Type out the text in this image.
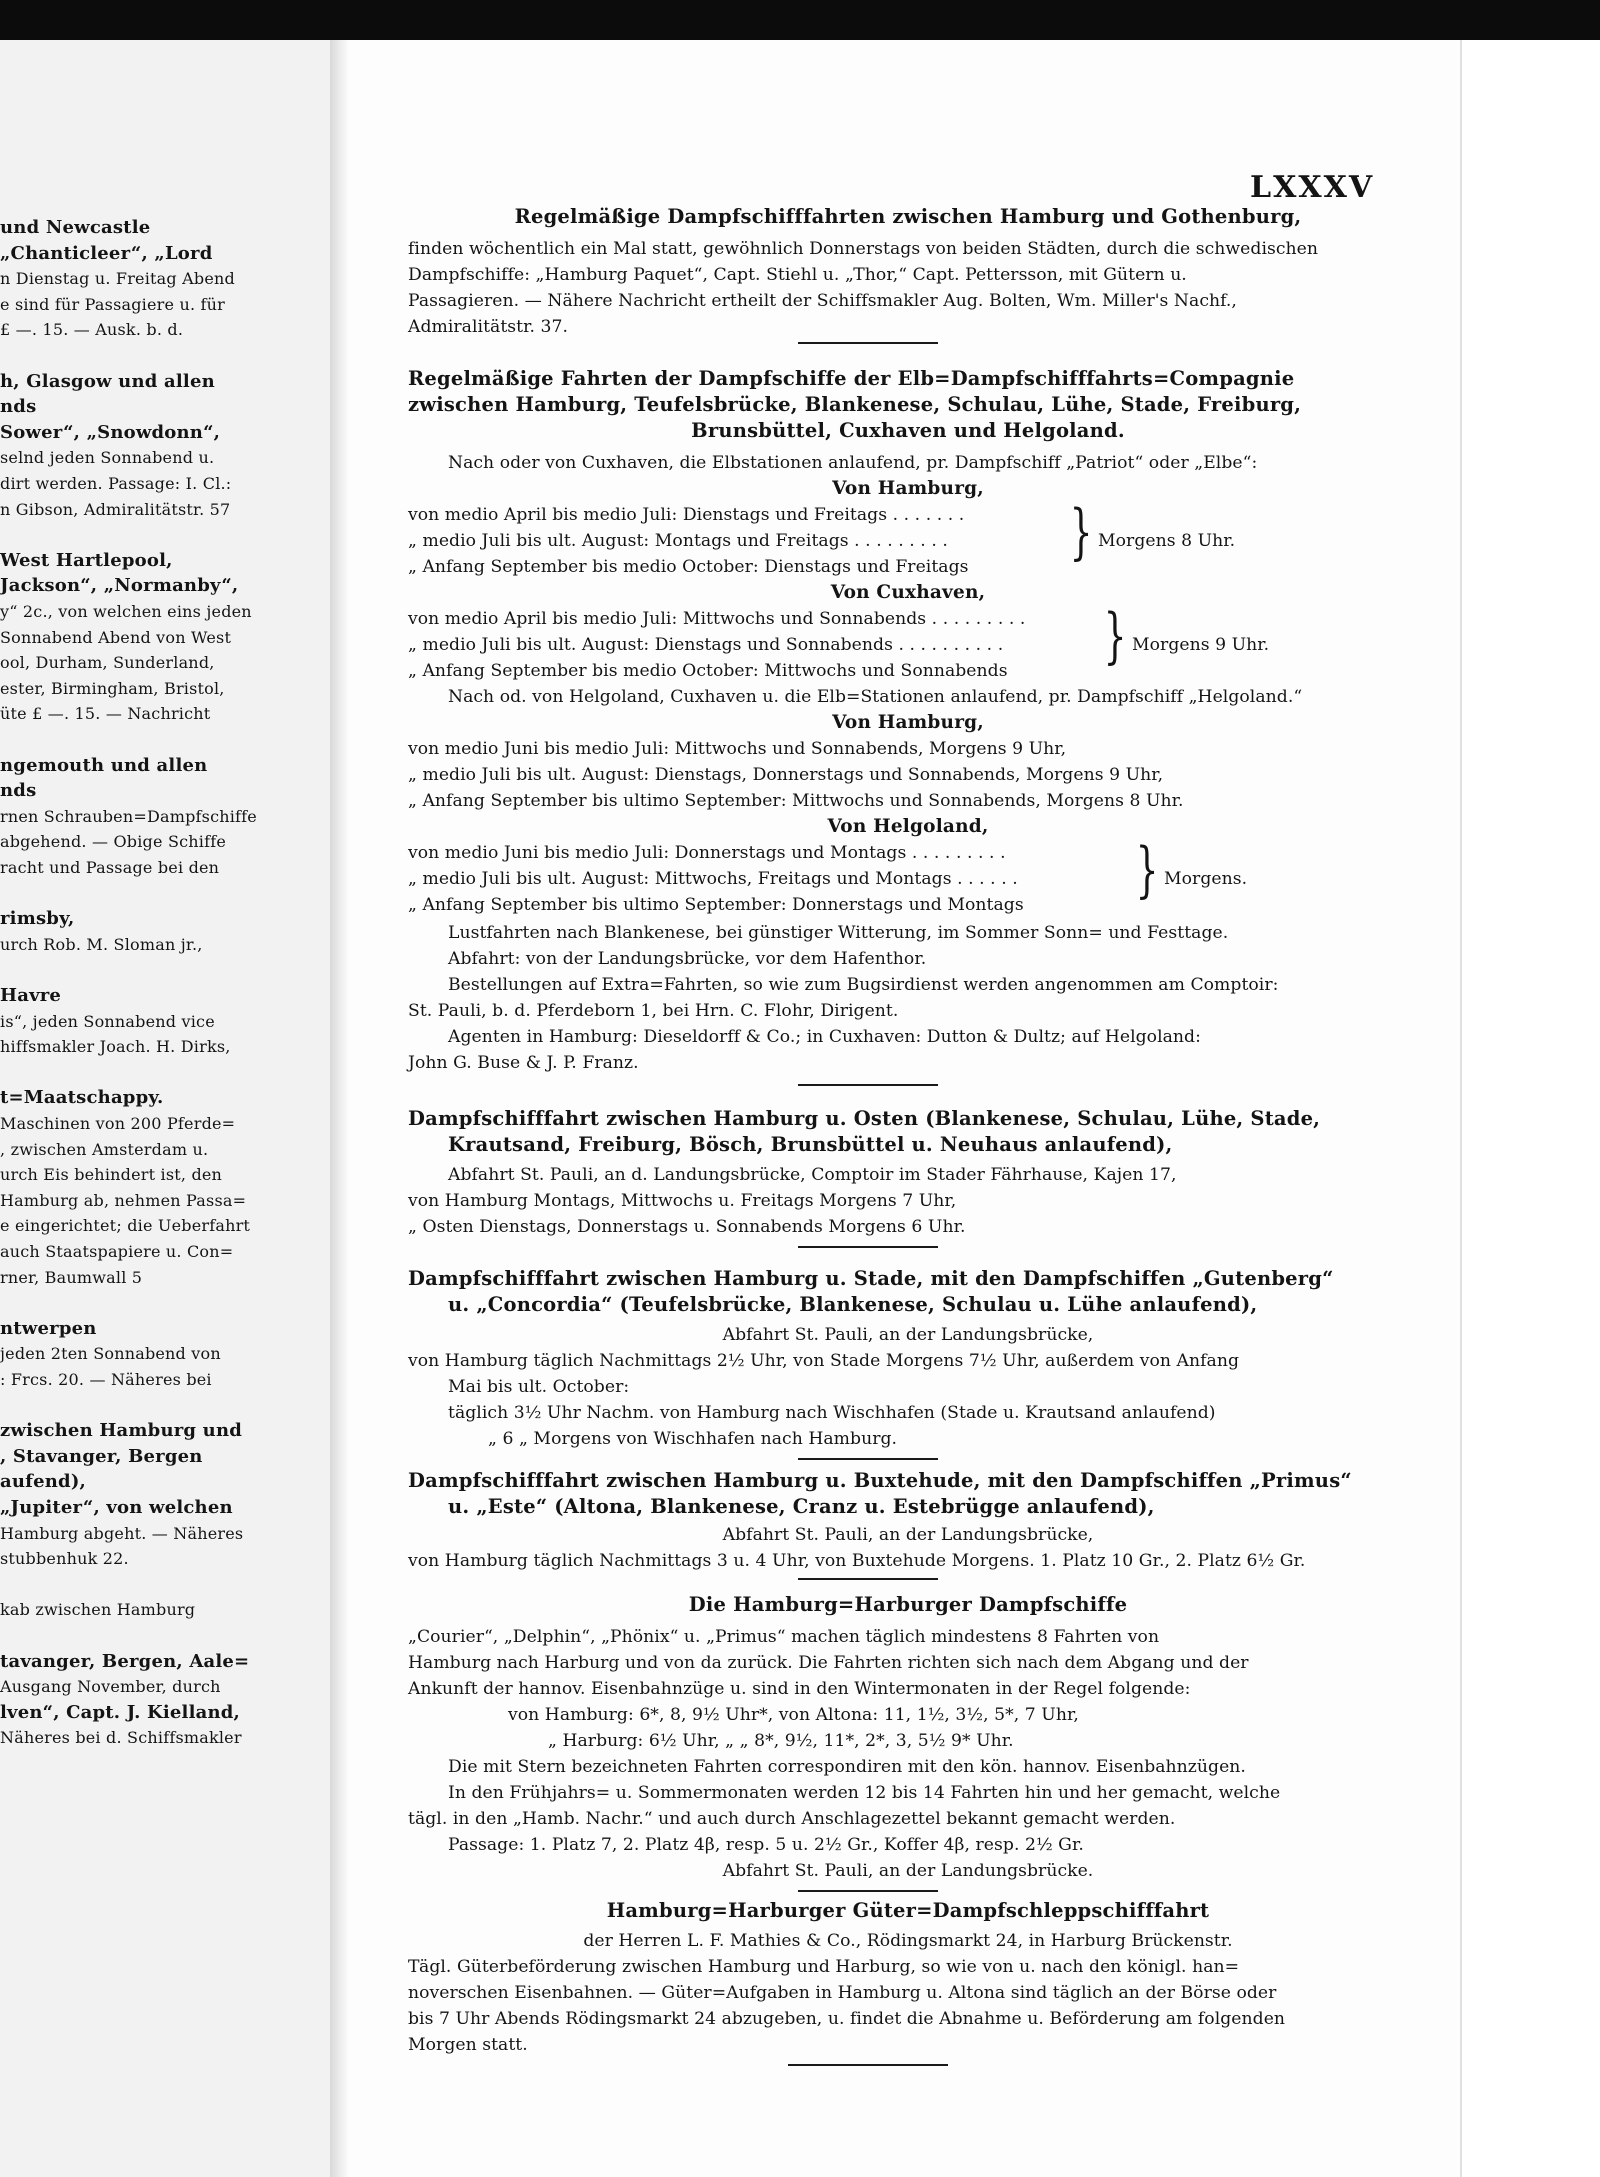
und Newcastle
„Chanticleer“, „Lord
n Dienstag u. Freitag Abend
e sind für Passagiere u. für
£ —. 15. — Ausk. b. d.
h, Glasgow und allen
nds
Sower“, „Snowdonn“,
selnd jeden Sonnabend u.
dirt werden. Passage: I. Cl.:
n Gibson, Admiralitätstr. 57
West Hartlepool,
Jackson“, „Normanby“,
y“ 2c., von welchen eins jeden
Sonnabend Abend von West
ool, Durham, Sunderland,
ester, Birmingham, Bristol,
üte £ —. 15. — Nachricht
ngemouth und allen
nds
rnen Schrauben=Dampfschiffe
abgehend. — Obige Schiffe
racht und Passage bei den
rimsby,
urch Rob. M. Sloman jr.,
Havre
is“, jeden Sonnabend vice
hiffsmakler Joach. H. Dirks,
t=Maatschappy.
Maschinen von 200 Pferde=
, zwischen Amsterdam u.
urch Eis behindert ist, den
Hamburg ab, nehmen Passa=
e eingerichtet; die Ueberfahrt
auch Staatspapiere u. Con=
rner, Baumwall 5
ntwerpen
jeden 2ten Sonnabend von
: Frcs. 20. — Näheres bei
zwischen Hamburg und
, Stavanger, Bergen
aufend),
„Jupiter“, von welchen
Hamburg abgeht. — Näheres
stubbenhuk 22.
kab zwischen Hamburg
tavanger, Bergen, Aale=
Ausgang November, durch
lven“, Capt. J. Kielland,
Näheres bei d. Schiffsmakler
LXXXV
Regelmäßige Dampfschifffahrten zwischen Hamburg und Gothenburg,
finden wöchentlich ein Mal statt, gewöhnlich Donnerstags von beiden Städten, durch die schwedischen
Dampfschiffe: „Hamburg Paquet“, Capt. Stiehl u. „Thor,“ Capt. Pettersson, mit Gütern u.
Passagieren. — Nähere Nachricht ertheilt der Schiffsmakler Aug. Bolten, Wm. Miller's Nachf.,
Admiralitätstr. 37.
Regelmäßige Fahrten der Dampfschiffe der Elb=Dampfschifffahrts=Compagnie
zwischen Hamburg, Teufelsbrücke, Blankenese, Schulau, Lühe, Stade, Freiburg,
Brunsbüttel, Cuxhaven und Helgoland.
Nach oder von Cuxhaven, die Elbstationen anlaufend, pr. Dampfschiff „Patriot“ oder „Elbe“:
Von Hamburg,
von medio April bis medio Juli: Dienstags und Freitags . . . . . . .
„ medio Juli bis ult. August: Montags und Freitags . . . . . . . . .
„ Anfang September bis medio October: Dienstags und Freitags } Morgens 8 Uhr.
Von Cuxhaven,
von medio April bis medio Juli: Mittwochs und Sonnabends . . . . . . . . .
„ medio Juli bis ult. August: Dienstags und Sonnabends . . . . . . . . . .
„ Anfang September bis medio October: Mittwochs und Sonnabends } Morgens 9 Uhr.
Nach od. von Helgoland, Cuxhaven u. die Elb=Stationen anlaufend, pr. Dampfschiff „Helgoland.“
Von Hamburg,
von medio Juni bis medio Juli: Mittwochs und Sonnabends, Morgens 9 Uhr,
„ medio Juli bis ult. August: Dienstags, Donnerstags und Sonnabends, Morgens 9 Uhr,
„ Anfang September bis ultimo September: Mittwochs und Sonnabends, Morgens 8 Uhr.
Von Helgoland,
von medio Juni bis medio Juli: Donnerstags und Montags . . . . . . . . .
„ medio Juli bis ult. August: Mittwochs, Freitags und Montags . . . . . .
„ Anfang September bis ultimo September: Donnerstags und Montags } Morgens.
Lustfahrten nach Blankenese, bei günstiger Witterung, im Sommer Sonn= und Festtage.
Abfahrt: von der Landungsbrücke, vor dem Hafenthor.
Bestellungen auf Extra=Fahrten, so wie zum Bugsirdienst werden angenommen am Comptoir:
St. Pauli, b. d. Pferdeborn 1, bei Hrn. C. Flohr, Dirigent.
Agenten in Hamburg: Dieseldorff & Co.; in Cuxhaven: Dutton & Dultz; auf Helgoland:
John G. Buse & J. P. Franz.
Dampfschifffahrt zwischen Hamburg u. Osten (Blankenese, Schulau, Lühe, Stade,
Krautsand, Freiburg, Bösch, Brunsbüttel u. Neuhaus anlaufend),
Abfahrt St. Pauli, an d. Landungsbrücke, Comptoir im Stader Fährhause, Kajen 17,
von Hamburg Montags, Mittwochs u. Freitags Morgens 7 Uhr,
„ Osten Dienstags, Donnerstags u. Sonnabends Morgens 6 Uhr.
Dampfschifffahrt zwischen Hamburg u. Stade, mit den Dampfschiffen „Gutenberg“
u. „Concordia“ (Teufelsbrücke, Blankenese, Schulau u. Lühe anlaufend),
Abfahrt St. Pauli, an der Landungsbrücke,
von Hamburg täglich Nachmittags 2½ Uhr, von Stade Morgens 7½ Uhr, außerdem von Anfang
Mai bis ult. October:
täglich 3½ Uhr Nachm. von Hamburg nach Wischhafen (Stade u. Krautsand anlaufend)
„ 6 „ Morgens von Wischhafen nach Hamburg.
Dampfschifffahrt zwischen Hamburg u. Buxtehude, mit den Dampfschiffen „Primus“
u. „Este“ (Altona, Blankenese, Cranz u. Estebrügge anlaufend),
Abfahrt St. Pauli, an der Landungsbrücke,
von Hamburg täglich Nachmittags 3 u. 4 Uhr, von Buxtehude Morgens. 1. Platz 10 Gr., 2. Platz 6½ Gr.
Die Hamburg=Harburger Dampfschiffe
„Courier“, „Delphin“, „Phönix“ u. „Primus“ machen täglich mindestens 8 Fahrten von
Hamburg nach Harburg und von da zurück. Die Fahrten richten sich nach dem Abgang und der
Ankunft der hannov. Eisenbahnzüge u. sind in den Wintermonaten in der Regel folgende:
von Hamburg: 6*, 8, 9½ Uhr*, von Altona: 11, 1½, 3½, 5*, 7 Uhr,
„ Harburg: 6½ Uhr, „ „ 8*, 9½, 11*, 2*, 3, 5½ 9* Uhr.
Die mit Stern bezeichneten Fahrten correspondiren mit den kön. hannov. Eisenbahnzügen.
In den Frühjahrs= u. Sommermonaten werden 12 bis 14 Fahrten hin und her gemacht, welche
tägl. in den „Hamb. Nachr.“ und auch durch Anschlagezettel bekannt gemacht werden.
Passage: 1. Platz 7, 2. Platz 4β, resp. 5 u. 2½ Gr., Koffer 4β, resp. 2½ Gr.
Abfahrt St. Pauli, an der Landungsbrücke.
Hamburg=Harburger Güter=Dampfschleppschifffahrt
der Herren L. F. Mathies & Co., Rödingsmarkt 24, in Harburg Brückenstr.
Tägl. Güterbeförderung zwischen Hamburg und Harburg, so wie von u. nach den königl. han=
noverschen Eisenbahnen. — Güter=Aufgaben in Hamburg u. Altona sind täglich an der Börse oder
bis 7 Uhr Abends Rödingsmarkt 24 abzugeben, u. findet die Abnahme u. Beförderung am folgenden
Morgen statt.
